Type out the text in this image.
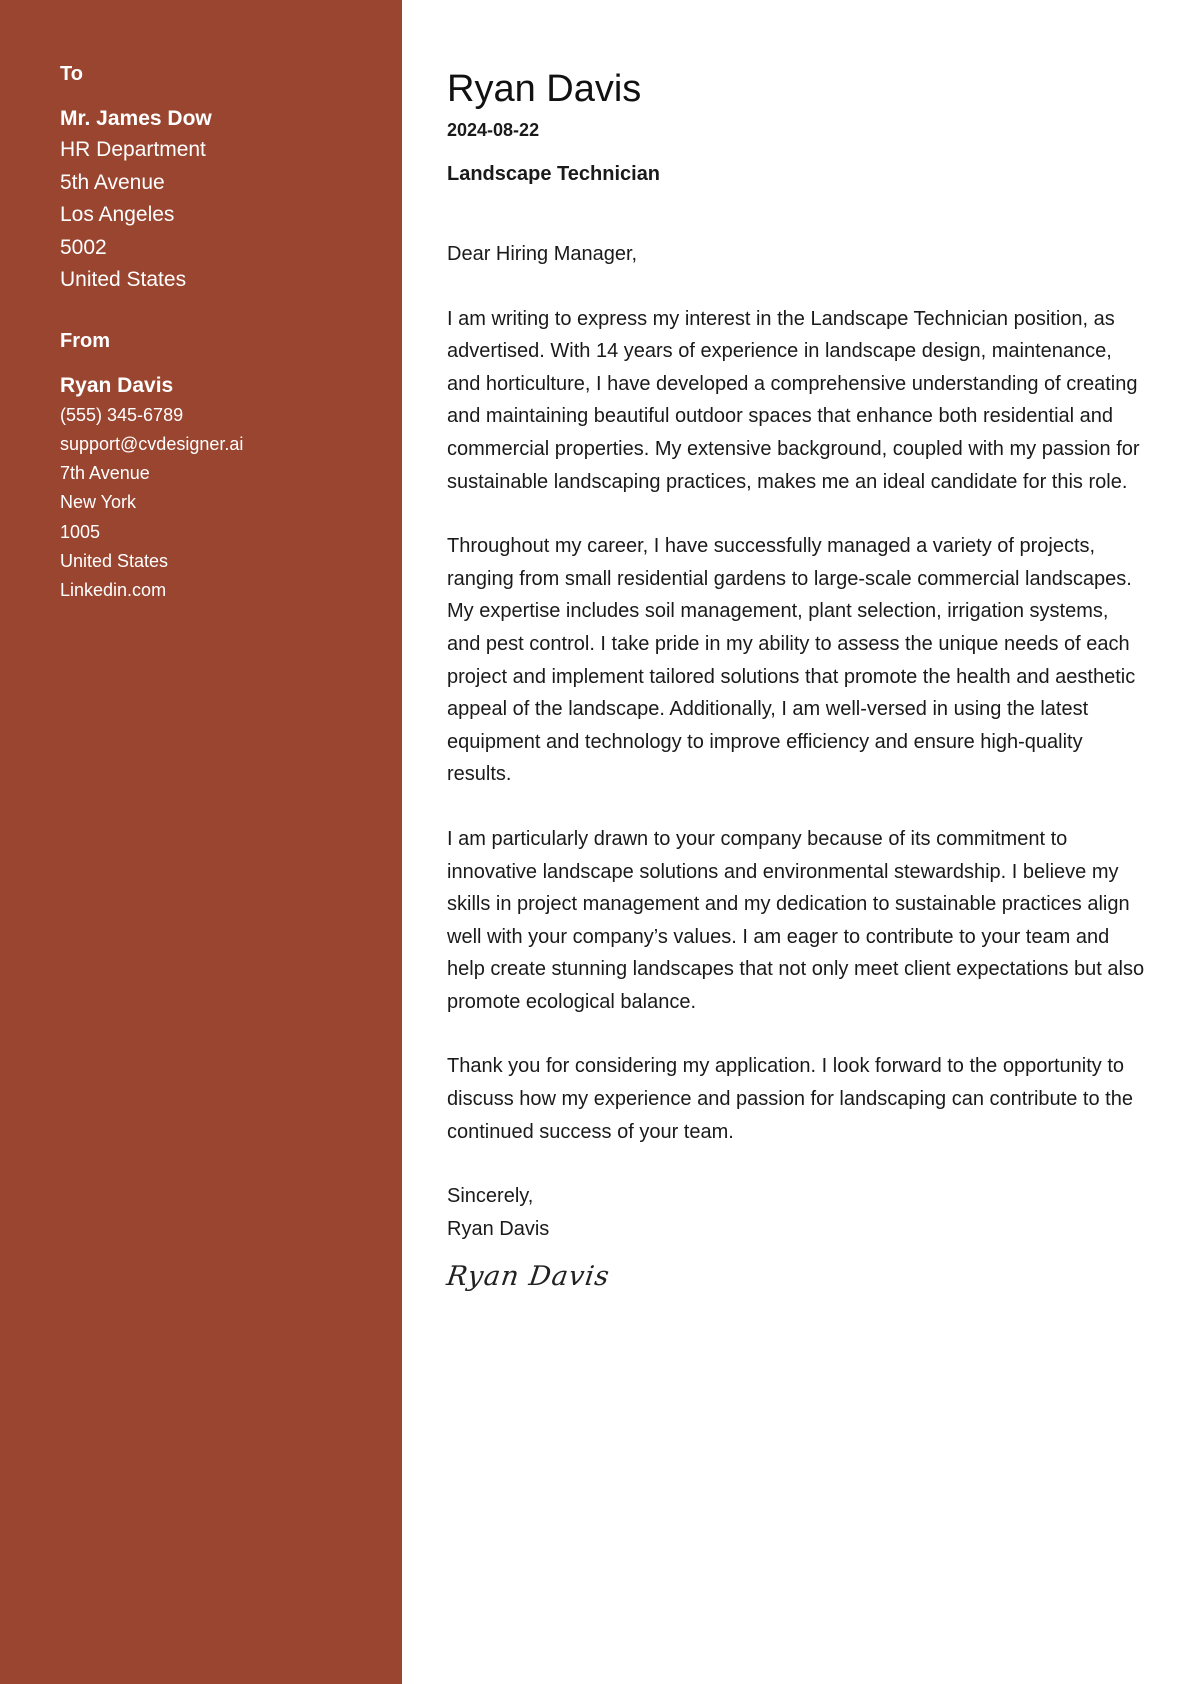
To
Mr. James Dow
HR Department
5th Avenue
Los Angeles
5002
United States
From
Ryan Davis
(555) 345-6789
support@cvdesigner.ai
7th Avenue
New York
1005
United States
Linkedin.com
Ryan Davis
2024-08-22
Landscape Technician
Dear Hiring Manager,
I am writing to express my interest in the Landscape Technician position, as advertised. With 14 years of experience in landscape design, maintenance, and horticulture, I have developed a comprehensive understanding of creating and maintaining beautiful outdoor spaces that enhance both residential and commercial properties. My extensive background, coupled with my passion for sustainable landscaping practices, makes me an ideal candidate for this role.
Throughout my career, I have successfully managed a variety of projects, ranging from small residential gardens to large-scale commercial landscapes. My expertise includes soil management, plant selection, irrigation systems, and pest control. I take pride in my ability to assess the unique needs of each project and implement tailored solutions that promote the health and aesthetic appeal of the landscape. Additionally, I am well-versed in using the latest equipment and technology to improve efficiency and ensure high-quality results.
I am particularly drawn to your company because of its commitment to innovative landscape solutions and environmental stewardship. I believe my skills in project management and my dedication to sustainable practices align well with your company’s values. I am eager to contribute to your team and help create stunning landscapes that not only meet client expectations but also promote ecological balance.
Thank you for considering my application. I look forward to the opportunity to discuss how my experience and passion for landscaping can contribute to the continued success of your team.
Sincerely,
Ryan Davis
Ryan Davis
